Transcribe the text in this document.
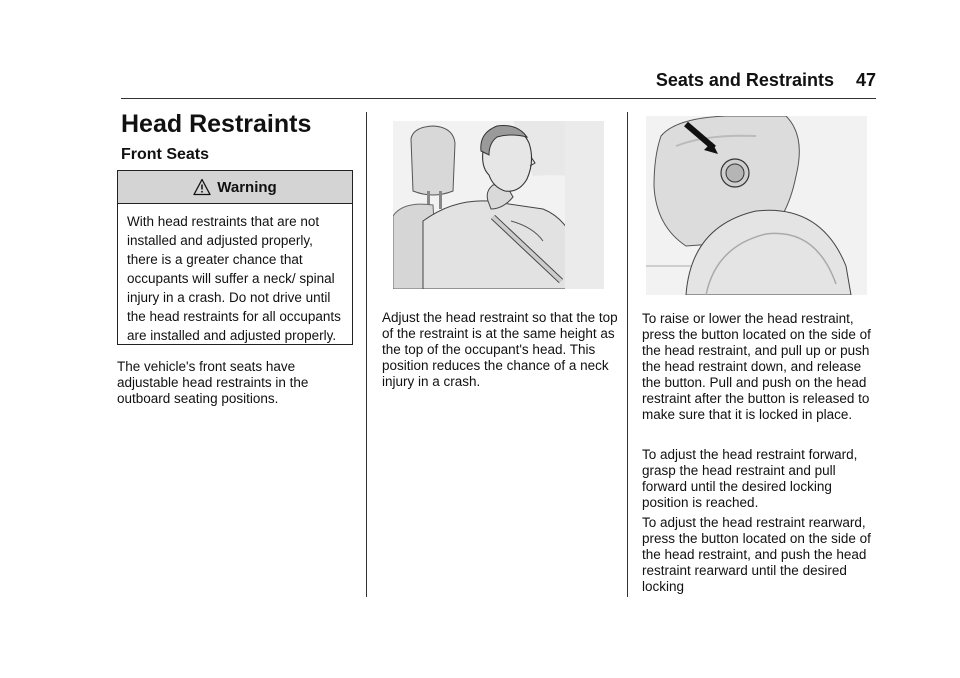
Seats and Restraints 47
Head Restraints
Front Seats
Warning

With head restraints that are not installed and adjusted properly, there is a greater chance that occupants will suffer a neck/ spinal injury in a crash. Do not drive until the head restraints for all occupants are installed and adjusted properly.

The vehicle's front seats have adjustable head restraints in the outboard seating positions.

Adjust the head restraint so that the top of the restraint is at the same height as the top of the occupant's head. This position reduces the chance of a neck injury in a crash.

To raise or lower the head restraint, press the button located on the side of the head restraint, and pull up or push the head restraint down, and release the button. Pull and push on the head restraint after the button is released to make sure that it is locked in place.

To adjust the head restraint forward, grasp the head restraint and pull forward until the desired locking position is reached.

To adjust the head restraint rearward, press the button located on the side of the head restraint, and push the head restraint rearward until the desired locking
